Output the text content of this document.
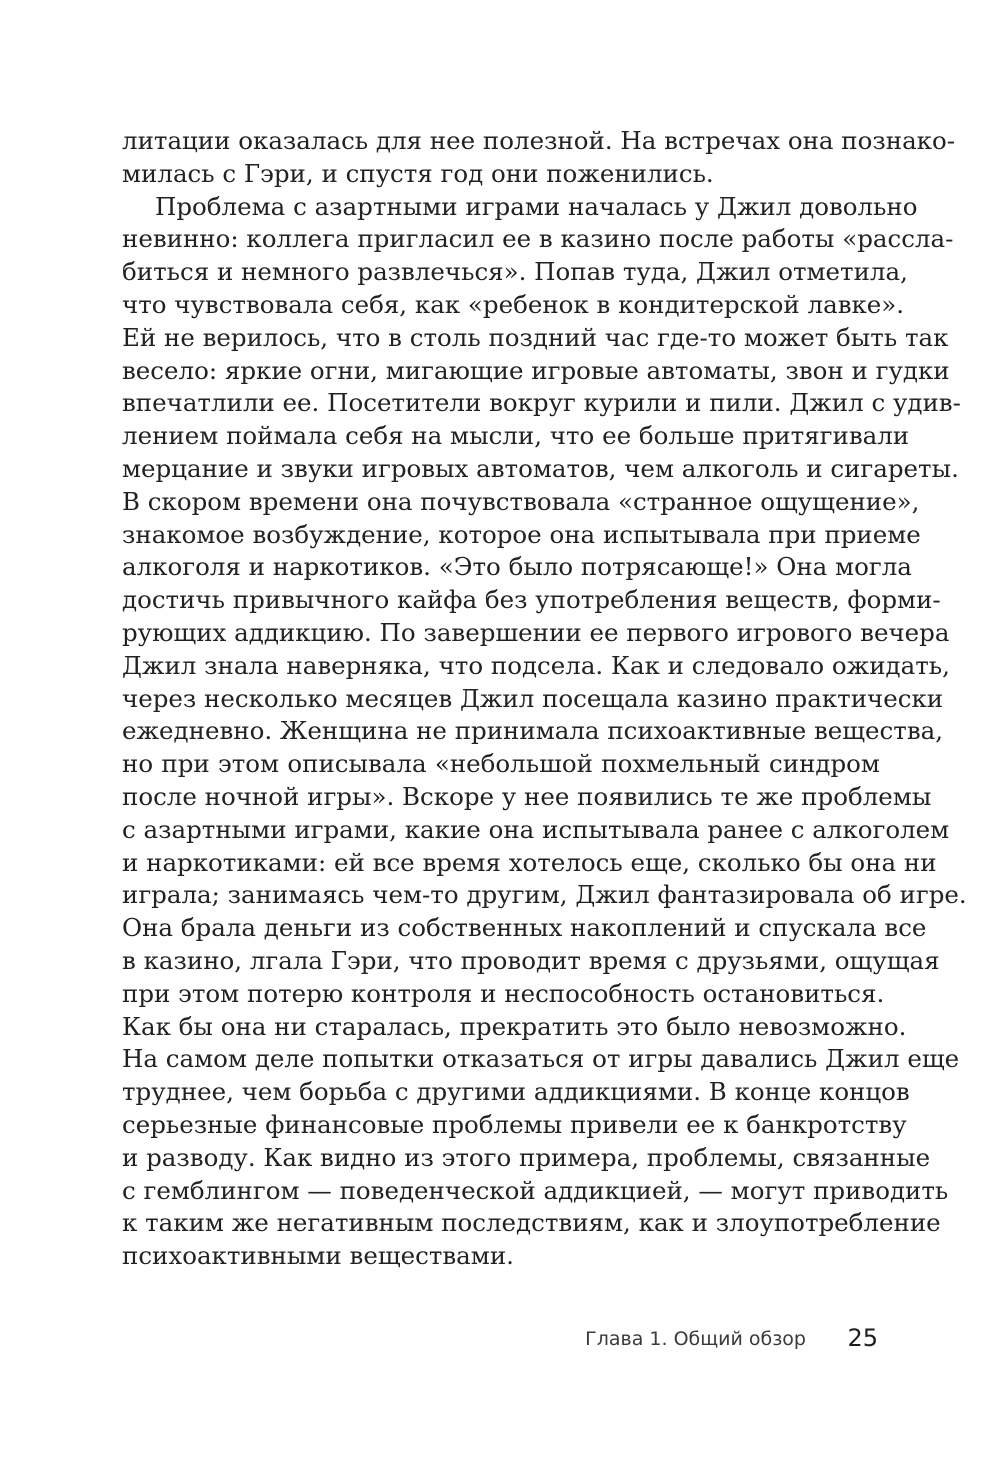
литации оказалась для нее полезной. На встречах она познако-
милась с Гэри, и спустя год они поженились.
Проблема с азартными играми началась у Джил довольно
невинно: коллега пригласил ее в казино после работы «рассла-
биться и немного развлечься». Попав туда, Джил отметила,
что чувствовала себя, как «ребенок в кондитерской лавке».
Ей не верилось, что в столь поздний час где-то может быть так
весело: яркие огни, мигающие игровые автоматы, звон и гудки
впечатлили ее. Посетители вокруг курили и пили. Джил с удив-
лением поймала себя на мысли, что ее больше притягивали
мерцание и звуки игровых автоматов, чем алкоголь и сигареты.
В скором времени она почувствовала «странное ощущение»,
знакомое возбуждение, которое она испытывала при приеме
алкоголя и наркотиков. «Это было потрясающе!» Она могла
достичь привычного кайфа без употребления веществ, форми-
рующих аддикцию. По завершении ее первого игрового вечера
Джил знала наверняка, что подсела. Как и следовало ожидать,
через несколько месяцев Джил посещала казино практически
ежедневно. Женщина не принимала психоактивные вещества,
но при этом описывала «небольшой похмельный синдром
после ночной игры». Вскоре у нее появились те же проблемы
с азартными играми, какие она испытывала ранее с алкоголем
и наркотиками: ей все время хотелось еще, сколько бы она ни
играла; занимаясь чем-то другим, Джил фантазировала об игре.
Она брала деньги из собственных накоплений и спускала все
в казино, лгала Гэри, что проводит время с друзьями, ощущая
при этом потерю контроля и неспособность остановиться.
Как бы она ни старалась, прекратить это было невозможно.
На самом деле попытки отказаться от игры давались Джил еще
труднее, чем борьба с другими аддикциями. В конце концов
серьезные финансовые проблемы привели ее к банкротству
и разводу. Как видно из этого примера, проблемы, связанные
с гемблингом — поведенческой аддикцией, — могут приводить
к таким же негативным последствиям, как и злоупотребление
психоактивными веществами.
Глава 1. Общий обзор 25
